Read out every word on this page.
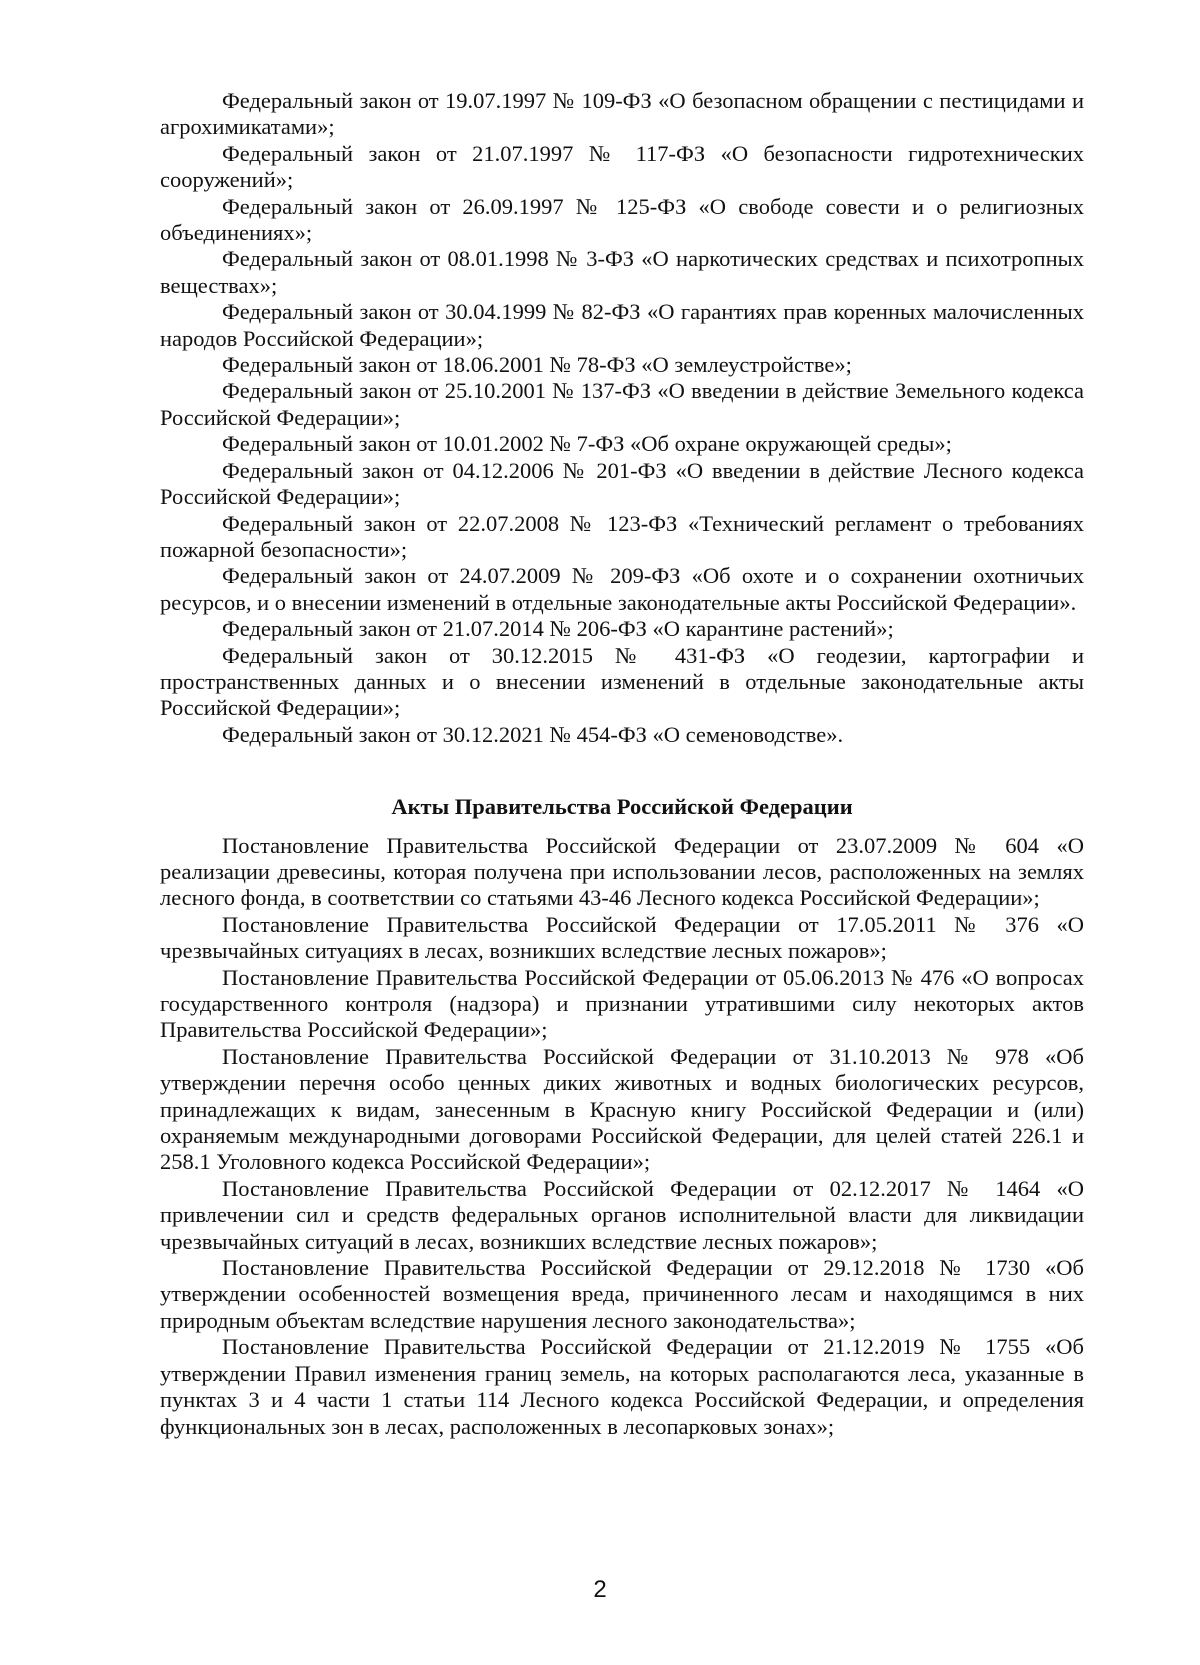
Федеральный закон от 19.07.1997 № 109-ФЗ «О безопасном обращении с пестицидами и агрохимикатами»;

Федеральный закон от 21.07.1997 № 117-ФЗ «О безопасности гидротехнических сооружений»;

Федеральный закон от 26.09.1997 № 125-ФЗ «О свободе совести и о религиозных объединениях»;

Федеральный закон от 08.01.1998 № 3-ФЗ «О наркотических средствах и психотропных веществах»;

Федеральный закон от 30.04.1999 № 82-ФЗ «О гарантиях прав коренных малочисленных народов Российской Федерации»;

Федеральный закон от 18.06.2001 № 78-ФЗ «О землеустройстве»;

Федеральный закон от 25.10.2001 № 137-ФЗ «О введении в действие Земельного кодекса Российской Федерации»;

Федеральный закон от 10.01.2002 № 7-ФЗ «Об охране окружающей среды»;

Федеральный закон от 04.12.2006 № 201-ФЗ «О введении в действие Лесного кодекса Российской Федерации»;

Федеральный закон от 22.07.2008 № 123-ФЗ «Технический регламент о требованиях пожарной безопасности»;

Федеральный закон от 24.07.2009 № 209-ФЗ «Об охоте и о сохранении охотничьих ресурсов, и о внесении изменений в отдельные законодательные акты Российской Федерации».

Федеральный закон от 21.07.2014 № 206-ФЗ «О карантине растений»;

Федеральный закон от 30.12.2015 № 431-ФЗ «О геодезии, картографии и пространственных данных и о внесении изменений в отдельные законодательные акты Российской Федерации»;

Федеральный закон от 30.12.2021 № 454-ФЗ «О семеноводстве».

Акты Правительства Российской Федерации

Постановление Правительства Российской Федерации от 23.07.2009 № 604 «О реализации древесины, которая получена при использовании лесов, расположенных на землях лесного фонда, в соответствии со статьями 43-46 Лесного кодекса Российской Федерации»;

Постановление Правительства Российской Федерации от 17.05.2011 № 376 «О чрезвычайных ситуациях в лесах, возникших вследствие лесных пожаров»;

Постановление Правительства Российской Федерации от 05.06.2013 № 476 «О вопросах государственного контроля (надзора) и признании утратившими силу некоторых актов Правительства Российской Федерации»;

Постановление Правительства Российской Федерации от 31.10.2013 № 978 «Об утверждении перечня особо ценных диких животных и водных биологических ресурсов, принадлежащих к видам, занесенным в Красную книгу Российской Федерации и (или) охраняемым международными договорами Российской Федерации, для целей статей 226.1 и 258.1 Уголовного кодекса Российской Федерации»;

Постановление Правительства Российской Федерации от 02.12.2017 № 1464 «О привлечении сил и средств федеральных органов исполнительной власти для ликвидации чрезвычайных ситуаций в лесах, возникших вследствие лесных пожаров»;

Постановление Правительства Российской Федерации от 29.12.2018 № 1730 «Об утверждении особенностей возмещения вреда, причиненного лесам и находящимся в них природным объектам вследствие нарушения лесного законодательства»;

Постановление Правительства Российской Федерации от 21.12.2019 № 1755 «Об утверждении Правил изменения границ земель, на которых располагаются леса, указанные в пунктах 3 и 4 части 1 статьи 114 Лесного кодекса Российской Федерации, и определения функциональных зон в лесах, расположенных в лесопарковых зонах»;

2
